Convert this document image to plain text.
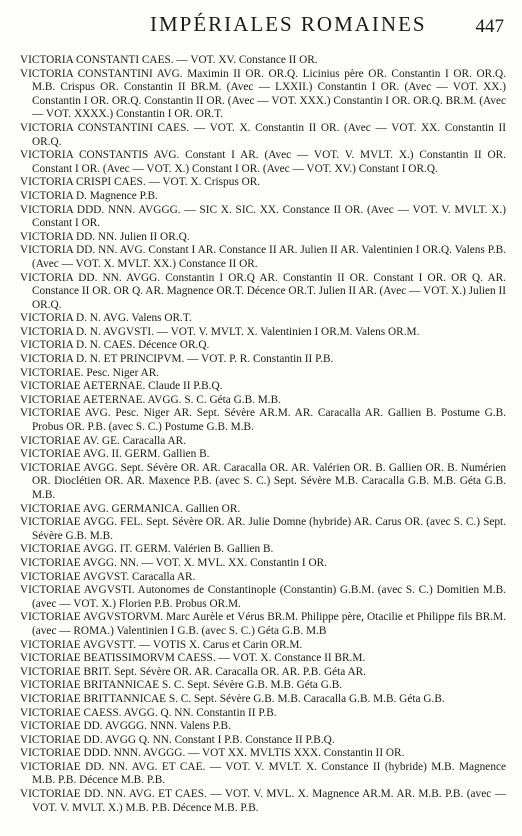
IMPÉRIALES ROMAINES	447

VICTORIA CONSTANTI CAES. — VOT. XV. Constance II OR.

VICTORIA CONSTANTINI AVG. Maximin II OR. OR.Q. Licinius père OR. Constantin I OR. OR.Q. M.B. Crispus OR. Constantin II BR.M. (Avec — LXXII.) Constantin I OR. (Avec — VOT. XX.) Constantin I OR. OR.Q. Constantin II OR. (Avec — VOT. XXX.) Constantin I OR. OR.Q. BR.M. (Avec — VOT. XXXX.) Constantin I OR. OR.T.

VICTORIA CONSTANTINI CAES. — VOT. X. Constantin II OR. (Avec — VOT. XX. Constantin II OR.Q.

VICTORIA CONSTANTIS AVG. Constant I AR. (Avec — VOT. V. MVLT. X.) Constantin II OR. Constant I OR. (Avec — VOT. X.) Constant I OR. (Avec — VOT. XV.) Constant I OR.Q.

VICTORIA CRISPI CAES. — VOT. X. Crispus OR.

VICTORIA D. Magnence P.B.

VICTORIA DDD. NNN. AVGGG. — SIC X. SIC. XX. Constance II OR. (Avec — VOT. V. MVLT. X.) Constant I OR.

VICTORIA DD. NN. Julien II OR.Q.

VICTORIA DD. NN. AVG. Constant I AR. Constance II AR. Julien II AR. Valentinien I OR.Q. Valens P.B. (Avec — VOT. X. MVLT. XX.) Constance II OR.

VICTORIA DD. NN. AVGG. Constantin I OR.Q AR. Constantin II OR. Constant I OR. OR Q. AR. Constance II OR. OR Q. AR. Magnence OR.T. Décence OR.T. Julien II AR. (Avec — VOT. X.) Julien II OR.Q.

VICTORIA D. N. AVG. Valens OR.T.

VICTORIA D. N. AVGVSTI. — VOT. V. MVLT. X. Valentinien I OR.M. Valens OR.M.

VICTORIA D. N. CAES. Décence OR.Q.

VICTORIA D. N. ET PRINCIPVM. — VOT. P. R. Constantin II P.B.

VICTORIAE. Pesc. Niger AR.

VICTORIAE AETERNAE. Claude II P.B.Q.

VICTORIAE AETERNAE. AVGG. S. C. Géta G.B. M.B.

VICTORIAE AVG. Pesc. Niger AR. Sept. Sévère AR.M. AR. Caracalla AR. Gallien B. Postume G.B. Probus OR. P.B. (avec S. C.) Postume G.B. M.B.

VICTORIAE AV. GE. Caracalla AR.

VICTORIAE AVG. II. GERM. Gallien B.

VICTORIAE AVGG. Sept. Sévère OR. AR. Caracalla OR. AR. Valérien OR. B. Gallien OR. B. Numérien OR. Dioclétien OR. AR. Maxence P.B. (avec S. C.) Sept. Sévère M.B. Caracalla G.B. M.B. Géta G.B. M.B.

VICTORIAE AVG. GERMANICA. Gallien OR.

VICTORIAE AVGG. FEL. Sept. Sévère OR. AR. Julie Domne (hybride) AR. Carus OR. (avec S. C.) Sept. Sévère G.B. M.B.

VICTORIAE AVGG. IT. GERM. Valérien B. Gallien B.

VICTORIAE AVGG. NN. — VOT. X. MVL. XX. Constantin I OR.

VICTORIAE AVGVST. Caracalla AR.

VICTORIAE AVGVSTI. Autonomes de Constantinople (Constantin) G.B.M. (avec S. C.) Domitien M.B. (avec — VOT. X.) Florien P.B. Probus OR.M.

VICTORIAE AVGVSTORVM. Marc Aurèle et Vérus BR.M. Philippe père, Otacilie et Philippe fils BR.M. (avec — ROMA.) Valentinien I G.B. (avec S. C.) Géta G.B. M.B

VICTORIAE AVGVSTT. — VOTIS X. Carus et Carin OR.M.

VICTORIAE BEATISSIMORVM CAESS. — VOT. X. Constance II BR.M.

VICTORIAE BRIT. Sept. Sévère OR. AR. Caracalla OR. AR. P.B. Géta AR.

VICTORIAE BRITANNICAE S. C. Sept. Sévère G.B. M.B. Géta G.B.

VICTORIAE BRITTANNICAE S. C. Sept. Sévère G.B. M.B. Caracalla G.B. M.B. Géta G.B.

VICTORIAE CAESS. AVGG. Q. NN. Constantin II P.B.

VICTORIAE DD. AVGGG. NNN. Valens P.B.

VICTORIAE DD. AVGG Q. NN. Constant I P.B. Constance II P.B.Q.

VICTORIAE DDD. NNN. AVGGG. — VOT XX. MVLTIS XXX. Constantin II OR.

VICTORIAE DD. NN. AVG. ET CAE. — VOT. V. MVLT. X. Constance II (hybride) M.B. Magnence M.B. P.B. Décence M.B. P.B.

VICTORIAE DD. NN. AVG. ET CAES. — VOT. V. MVL. X. Magnence AR.M. AR. M.B. P.B. (avec — VOT. V. MVLT. X.) M.B. P.B. Décence M.B. P.B.
